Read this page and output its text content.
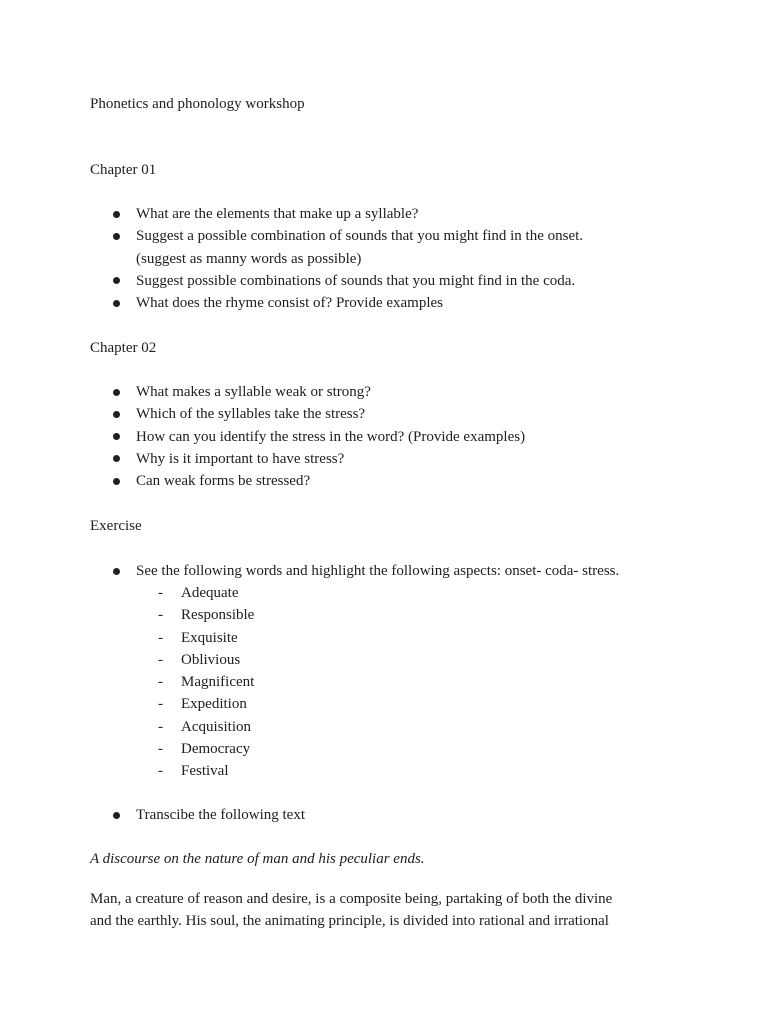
Phonetics and phonology workshop
Chapter 01
What are the elements that make up a syllable?
Suggest a possible combination of sounds that you might find in the onset.
(suggest as manny words as possible)
Suggest possible combinations of sounds that you might find in the coda.
What does the rhyme consist of? Provide examples
Chapter 02
What makes a syllable weak or strong?
Which of the syllables take the stress?
How can you identify the stress in the word? (Provide examples)
Why is it important to have stress?
Can weak forms be stressed?
Exercise
See the following words and highlight the following aspects: onset- coda- stress.
- Adequate
- Responsible
- Exquisite
- Oblivious
- Magnificent
- Expedition
- Acquisition
- Democracy
- Festival
Transcibe the following text
A discourse on the nature of man and his peculiar ends.
Man, a creature of reason and desire, is a composite being, partaking of both the divine
and the earthly. His soul, the animating principle, is divided into rational and irrational
